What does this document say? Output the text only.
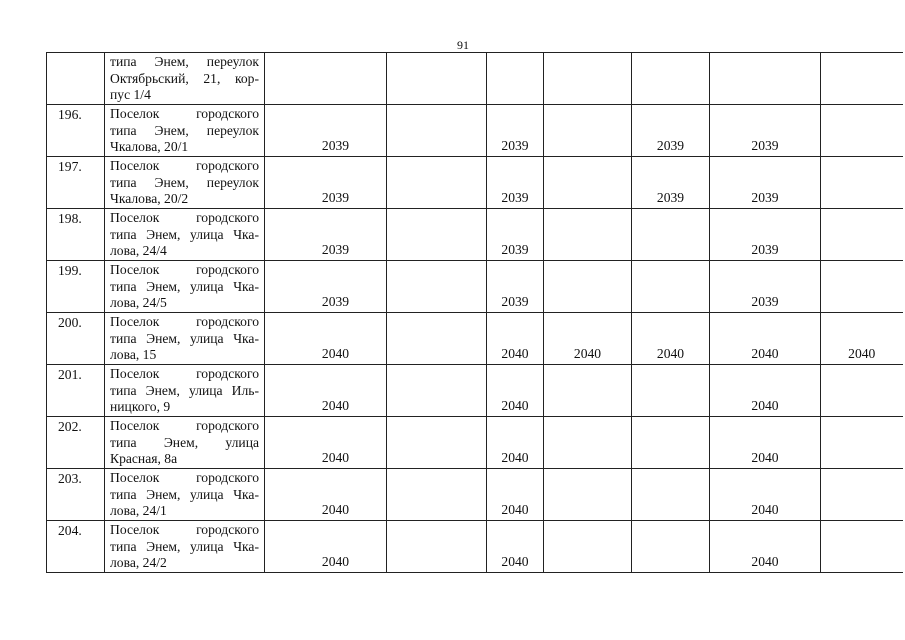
91

	типа Энем, переулок
Октябрьский, 21, кор-
пус 1/4							

196.	Поселок городского
типа Энем, переулок
Чкалова, 20/1	2039		2039		2039	2039	
197.	Поселок городского
типа Энем, переулок
Чкалова, 20/2	2039		2039		2039	2039	
198.	Поселок городского
типа Энем, улица Чка-
лова, 24/4	2039		2039			2039	
199.	Поселок городского
типа Энем, улица Чка-
лова, 24/5	2039		2039			2039	
200.	Поселок городского
типа Энем, улица Чка-
лова, 15	2040		2040	2040	2040	2040	2040
201.	Поселок городского
типа Энем, улица Иль-
ницкого, 9	2040		2040			2040	
202.	Поселок городского
типа Энем, улица
Красная, 8а	2040		2040			2040	
203.	Поселок городского
типа Энем, улица Чка-
лова, 24/1	2040		2040			2040	
204.	Поселок городского
типа Энем, улица Чка-
лова, 24/2	2040		2040			2040	
